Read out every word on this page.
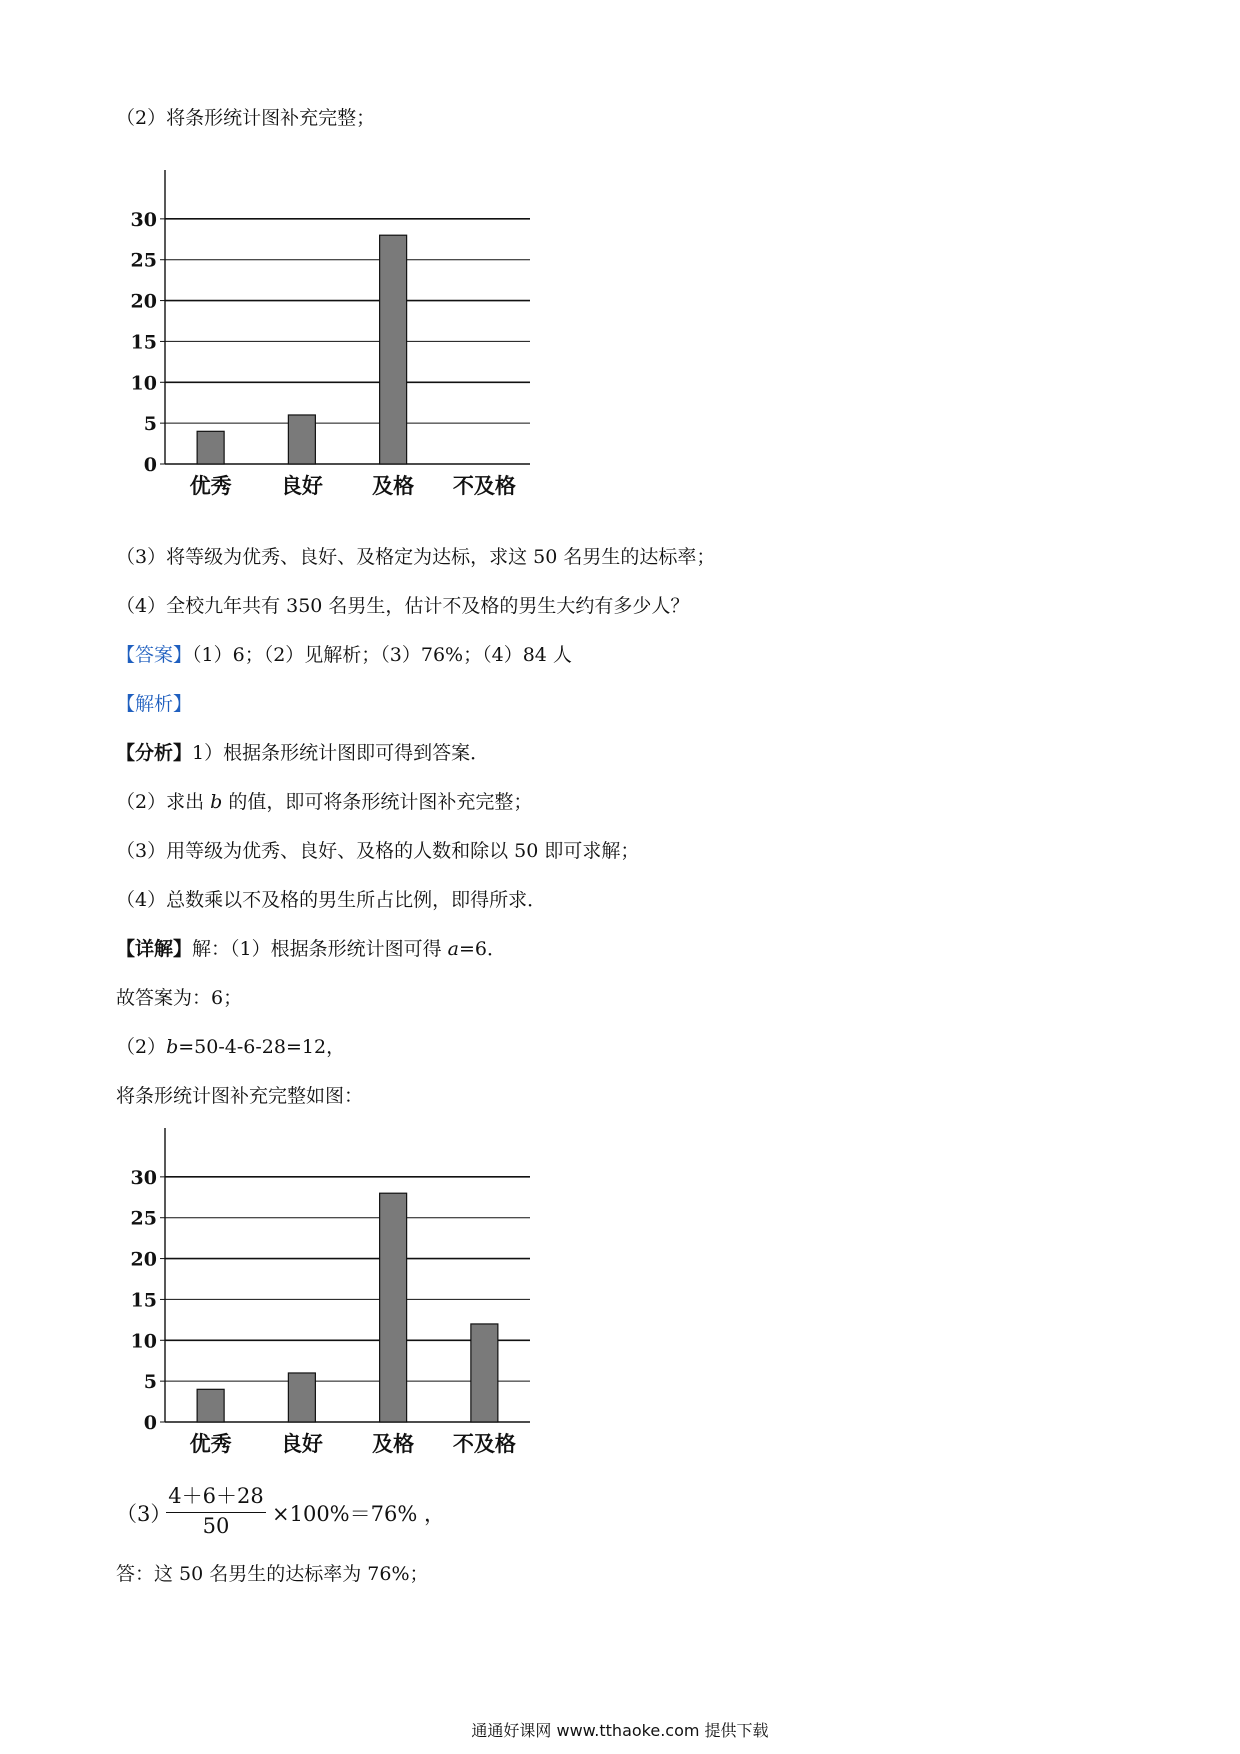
（2）将条形统计图补充完整；
0
5
10
15
20
25
30
优秀 良好 及格 不及格
（3）将等级为优秀、良好、及格定为达标，求这 50 名男生的达标率；
（4）全校九年共有 350 名男生，估计不及格的男生大约有多少人？
【答案】（1）6；（2）见解析；（3）76%；（4）84 人
【解析】
【分析】1）根据条形统计图即可得到答案．
（2）求出 b 的值，即可将条形统计图补充完整；
（3）用等级为优秀、良好、及格的人数和除以 50 即可求解；
（4）总数乘以不及格的男生所占比例，即得所求．
【详解】解：（1）根据条形统计图可得 a=6．
故答案为：6；
（2）b=50-4-6-28=12，
将条形统计图补充完整如图：
0
5
10
15
20
25
30
优秀 良好 及格 不及格
（3）
4＋6＋28
50	×100%＝76% ，
答：这 50 名男生的达标率为 76%；
通通好课网 www.tthaoke.com 提供下载
